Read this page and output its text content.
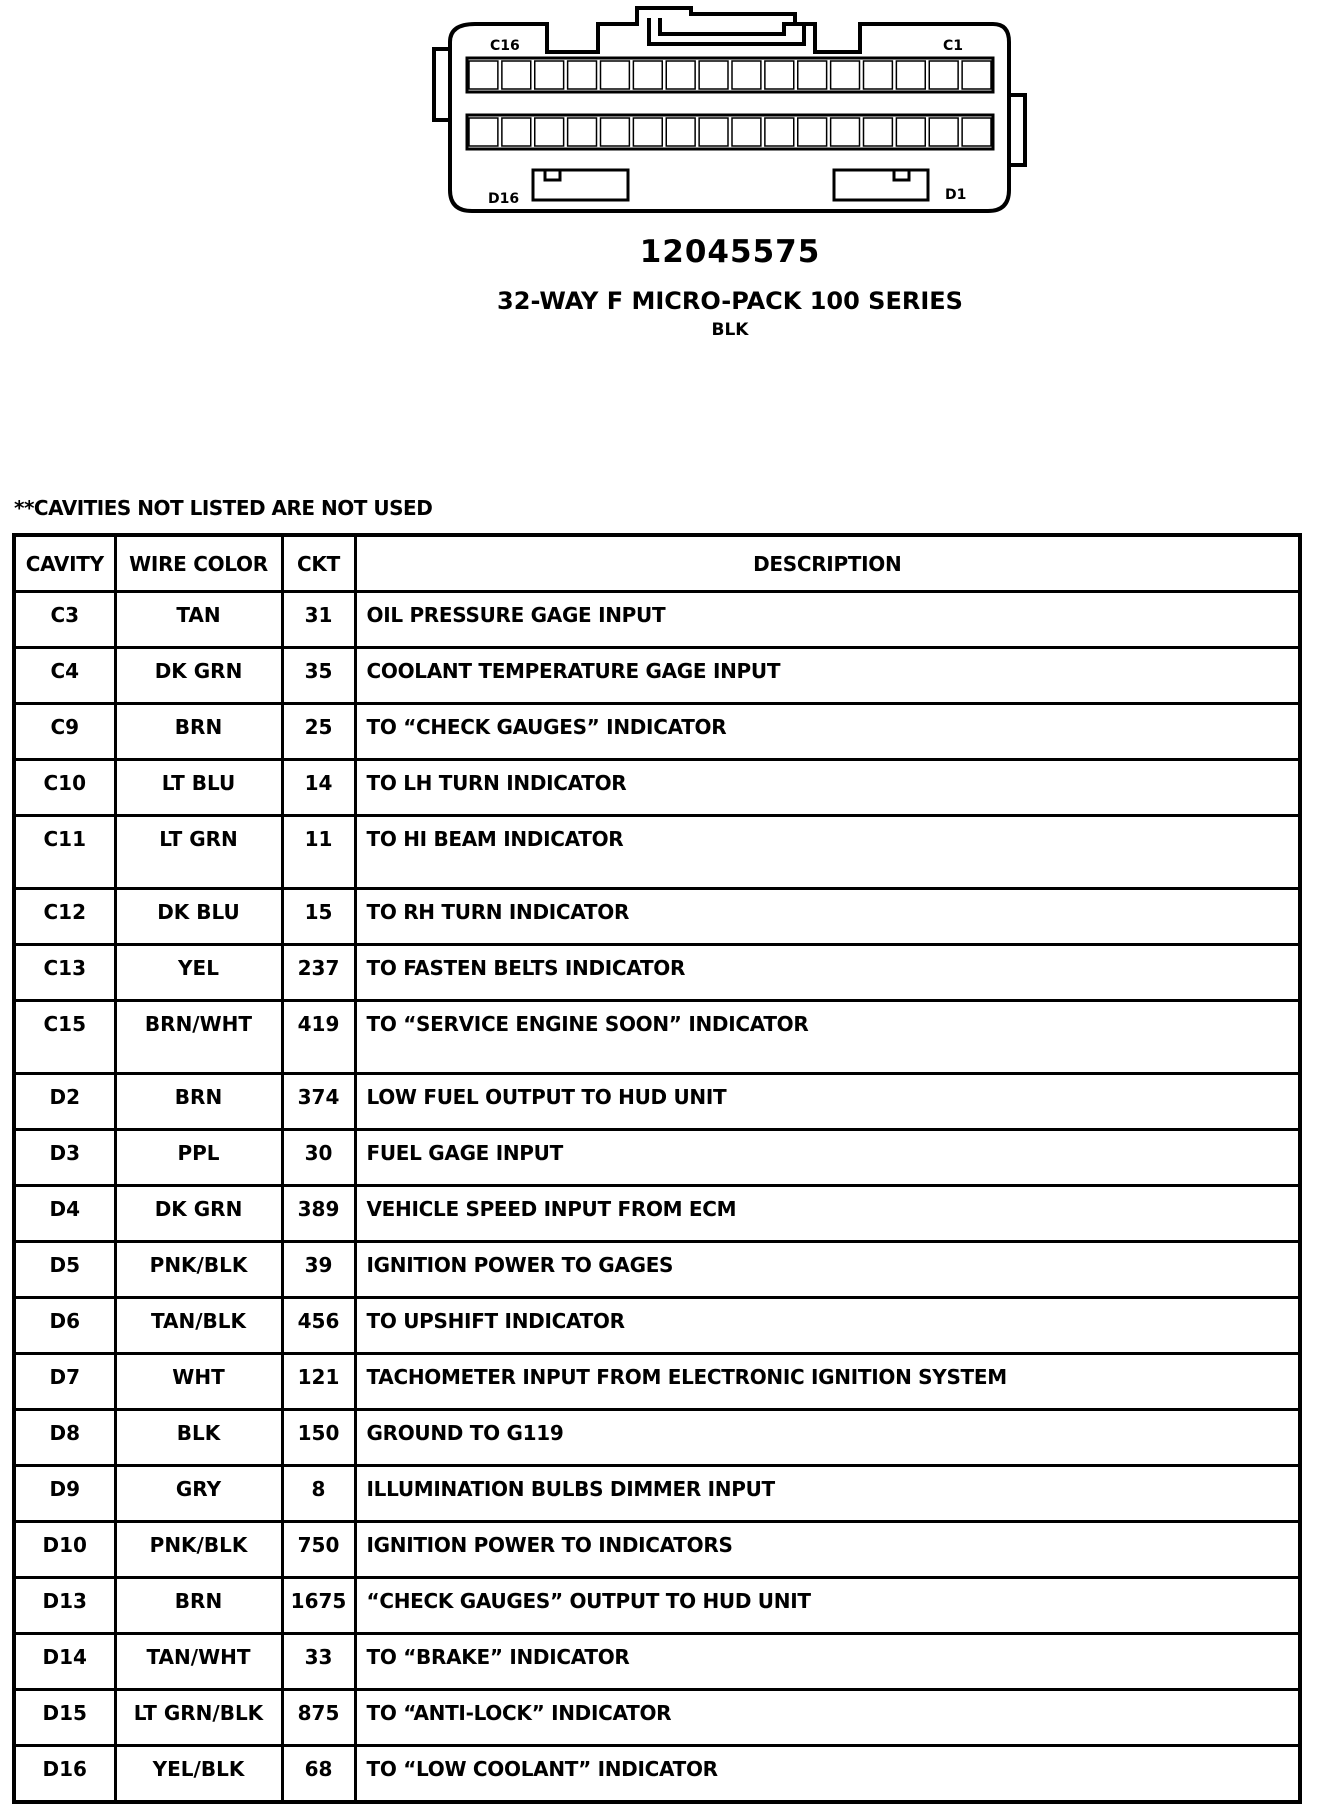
C16	C1
D16	D1
12045575
32-WAY F MICRO-PACK 100 SERIES
BLK
**CAVITIES NOT LISTED ARE NOT USED
CAVITY	WIRE COLOR	CKT	DESCRIPTION
C3	TAN	31	OIL PRESSURE GAGE INPUT
C4	DK GRN	35	COOLANT TEMPERATURE GAGE INPUT
C9	BRN	25	TO “CHECK GAUGES” INDICATOR
C10	LT BLU	14	TO LH TURN INDICATOR
C11	LT GRN	11	TO HI BEAM INDICATOR
C12	DK BLU	15	TO RH TURN INDICATOR
C13	YEL	237	TO FASTEN BELTS INDICATOR
C15	BRN/WHT	419	TO “SERVICE ENGINE SOON” INDICATOR
D2	BRN	374	LOW FUEL OUTPUT TO HUD UNIT
D3	PPL	30	FUEL GAGE INPUT
D4	DK GRN	389	VEHICLE SPEED INPUT FROM ECM
D5	PNK/BLK	39	IGNITION POWER TO GAGES
D6	TAN/BLK	456	TO UPSHIFT INDICATOR
D7	WHT	121	TACHOMETER INPUT FROM ELECTRONIC IGNITION SYSTEM
D8	BLK	150	GROUND TO G119
D9	GRY	8	ILLUMINATION BULBS DIMMER INPUT
D10	PNK/BLK	750	IGNITION POWER TO INDICATORS
D13	BRN	1675	“CHECK GAUGES” OUTPUT TO HUD UNIT
D14	TAN/WHT	33	TO “BRAKE” INDICATOR
D15	LT GRN/BLK	875	TO “ANTI-LOCK” INDICATOR
D16	YEL/BLK	68	TO “LOW COOLANT” INDICATOR
